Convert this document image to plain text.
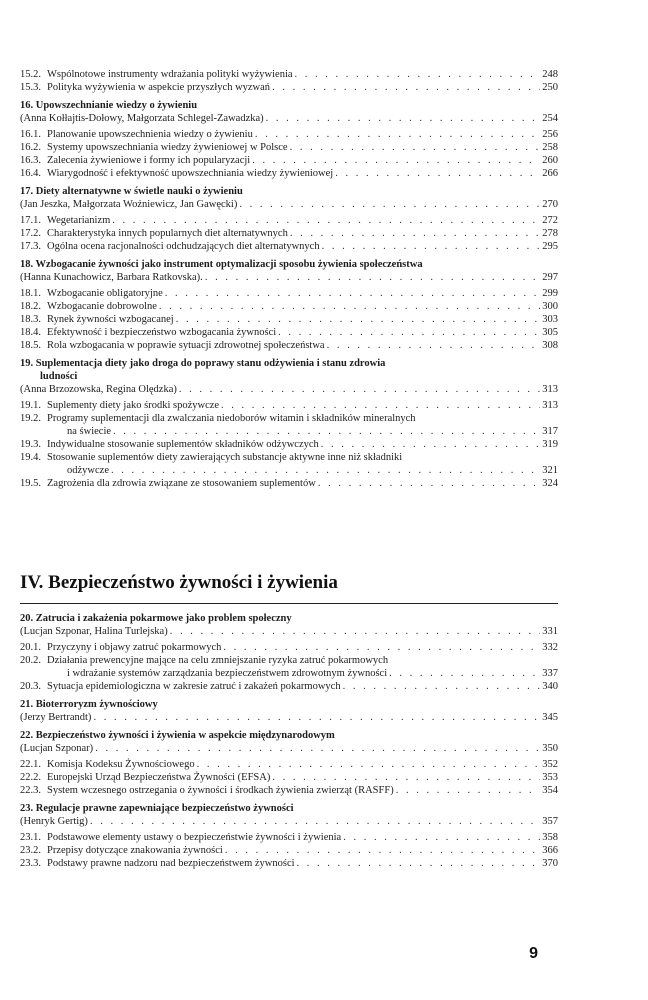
15.2. Wspólnotowe instrumenty wdrażania polityki wyżywienia . . .	248
15.3. Polityka wyżywienia w aspekcie przyszłych wyzwań . . .	250
16. Upowszechnianie wiedzy o żywieniu
(Anna Kołłajtis-Dołowy, Małgorzata Schlegel-Zawadzka) . . .	254
16.1. Planowanie upowszechnienia wiedzy o żywieniu . . .	256
16.2. Systemy upowszechniania wiedzy żywieniowej w Polsce . . .	258
16.3. Zalecenia żywieniowe i formy ich popularyzacji . . .	260
16.4. Wiarygodność i efektywność upowszechniania wiedzy żywieniowej . . .	266
17. Diety alternatywne w świetle nauki o żywieniu
(Jan Jeszka, Małgorzata Woźniewicz, Jan Gawęcki) . . .	270
17.1. Wegetarianizm . . .	272
17.2. Charakterystyka innych popularnych diet alternatywnych . . .	278
17.3. Ogólna ocena racjonalności odchudzających diet alternatywnych . . .	295
18. Wzbogacanie żywności jako instrument optymalizacji sposobu żywienia społeczeństwa
(Hanna Kunachowicz, Barbara Ratkovska). . . .	297
18.1. Wzbogacanie obligatoryjne . . .	299
18.2. Wzbogacanie dobrowolne . . .	300
18.3. Rynek żywności wzbogacanej . . .	303
18.4. Efektywność i bezpieczeństwo wzbogacania żywności . . .	305
18.5. Rola wzbogacania w poprawie sytuacji zdrowotnej społeczeństwa . . .	308
19. Suplementacja diety jako droga do poprawy stanu odżywienia i stanu zdrowia
ludności
(Anna Brzozowska, Regina Olędzka) . . .	313
19.1. Suplementy diety jako środki spożywcze . . .	313
19.2. Programy suplementacji dla zwalczania niedoborów witamin i składników mineralnych
na świecie . . .	317
19.3. Indywidualne stosowanie suplementów składników odżywczych . . .	319
19.4. Stosowanie suplementów diety zawierających substancje aktywne inne niż składniki
odżywcze . . .	321
19.5. Zagrożenia dla zdrowia związane ze stosowaniem suplementów . . .	324
IV. Bezpieczeństwo żywności i żywienia
20. Zatrucia i zakażenia pokarmowe jako problem społeczny
(Lucjan Szponar, Halina Turlejska) . . .	331
20.1. Przyczyny i objawy zatruć pokarmowych . . .	332
20.2. Działania prewencyjne mające na celu zmniejszanie ryzyka zatruć pokarmowych
i wdrażanie systemów zarządzania bezpieczeństwem zdrowotnym żywności . . .	337
20.3. Sytuacja epidemiologiczna w zakresie zatruć i zakażeń pokarmowych . . .	340
21. Bioterroryzm żywnościowy
(Jerzy Bertrandt) . . .	345
22. Bezpieczeństwo żywności i żywienia w aspekcie międzynarodowym
(Lucjan Szponar) . . .	350
22.1. Komisja Kodeksu Żywnościowego . . .	352
22.2. Europejski Urząd Bezpieczeństwa Żywności (EFSA) . . .	353
22.3. System wczesnego ostrzegania o żywności i środkach żywienia zwierząt (RASFF) . . .	354
23. Regulacje prawne zapewniające bezpieczeństwo żywności
(Henryk Gertig) . . .	357
23.1. Podstawowe elementy ustawy o bezpieczeństwie żywności i żywienia . . .	358
23.2. Przepisy dotyczące znakowania żywności . . .	366
23.3. Podstawy prawne nadzoru nad bezpieczeństwem żywności . . .	370
9
